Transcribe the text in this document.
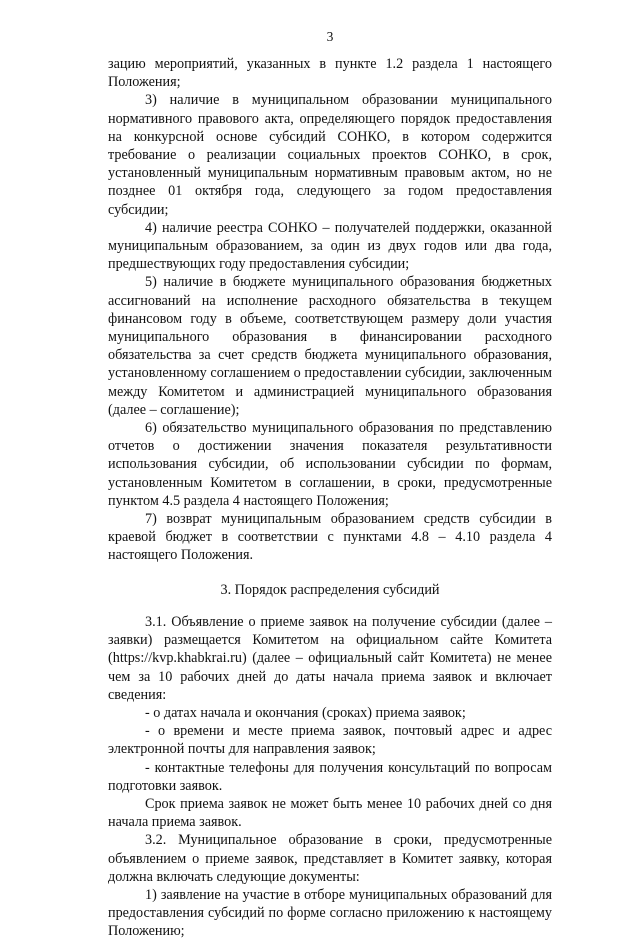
3

зацию мероприятий, указанных в пункте 1.2 раздела 1 настоящего Положения;

3) наличие в муниципальном образовании муниципального нормативного правового акта, определяющего порядок предоставления на конкурсной основе субсидий СОНКО, в котором содержится требование о реализации социальных проектов СОНКО, в срок, установленный муниципальным нормативным правовым актом, но не позднее 01 октября года, следующего за годом предоставления субсидии;

4) наличие реестра СОНКО – получателей поддержки, оказанной муниципальным образованием, за один из двух годов или два года, предшествующих году предоставления субсидии;

5) наличие в бюджете муниципального образования бюджетных ассигнований на исполнение расходного обязательства в текущем финансовом году в объеме, соответствующем размеру доли участия муниципального образования в финансировании расходного обязательства за счет средств бюджета муниципального образования, установленному соглашением о предоставлении субсидии, заключенным между Комитетом и администрацией муниципального образования (далее – соглашение);

6) обязательство муниципального образования по представлению отчетов о достижении значения показателя результативности использования субсидии, об использовании субсидии по формам, установленным Комитетом в соглашении, в сроки, предусмотренные пунктом 4.5 раздела 4 настоящего Положения;

7) возврат муниципальным образованием средств субсидии в краевой бюджет в соответствии с пунктами 4.8 – 4.10 раздела 4 настоящего Положения.

3. Порядок распределения субсидий

3.1. Объявление о приеме заявок на получение субсидии (далее – заявки) размещается Комитетом на официальном сайте Комитета (https://kvp.khabkrai.ru) (далее – официальный сайт Комитета) не менее чем за 10 рабочих дней до даты начала приема заявок и включает сведения:

- о датах начала и окончания (сроках) приема заявок;

- о времени и месте приема заявок, почтовый адрес и адрес электронной почты для направления заявок;

- контактные телефоны для получения консультаций по вопросам подготовки заявок.

Срок приема заявок не может быть менее 10 рабочих дней со дня начала приема заявок.

3.2. Муниципальное образование в сроки, предусмотренные объявлением о приеме заявок, представляет в Комитет заявку, которая должна включать следующие документы:

1) заявление на участие в отборе муниципальных образований для предоставления субсидий по форме согласно приложению к настоящему Положению;
